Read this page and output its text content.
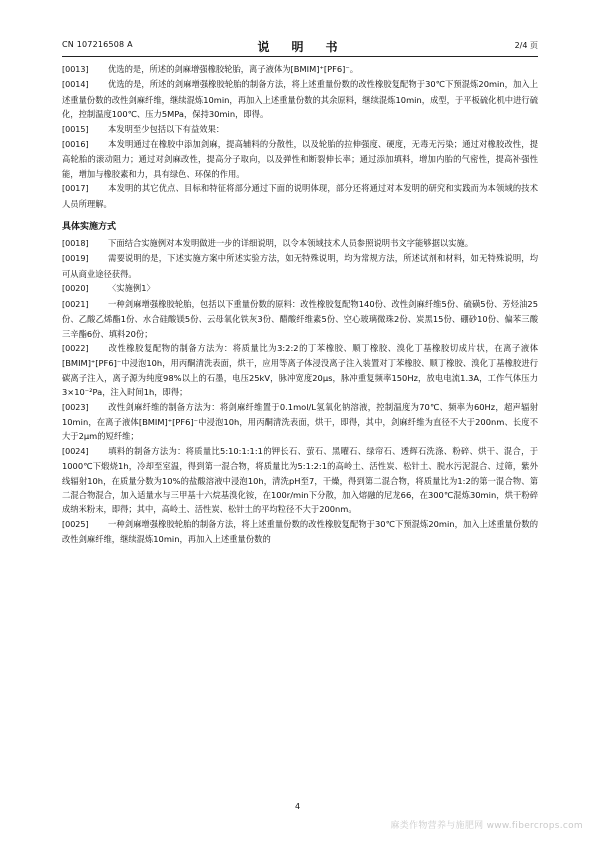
CN 107216508 A	说　明　书	2/4 页

[0013] 优选的是，所述的剑麻增强橡胶轮胎，离子液体为[BMIM]⁺[PF6]⁻。

[0014] 优选的是，所述的剑麻增强橡胶轮胎的制备方法，将上述重量份数的改性橡胶复配物于30℃下预混炼20min，加入上述重量份数的改性剑麻纤维，继续混炼10min，再加入上述重量份数的其余原料，继续混炼10min，成型，于平板硫化机中进行硫化，控制温度100℃、压力5MPa，保持30min，即得。

[0015] 本发明至少包括以下有益效果：

[0016] 本发明通过在橡胶中添加剑麻，提高辅料的分散性，以及轮胎的拉伸强度、硬度，无毒无污染；通过对橡胶改性，提高轮胎的滚动阻力；通过对剑麻改性，提高分子取向，以及弹性和断裂伸长率；通过添加填料，增加内胎的气密性，提高补强性能，增加与橡胶素和力，具有绿色、环保的作用。

[0017] 本发明的其它优点、目标和特征将部分通过下面的说明体现，部分还将通过对本发明的研究和实践而为本领域的技术人员所理解。

具体实施方式

[0018] 下面结合实施例对本发明做进一步的详细说明，以令本领域技术人员参照说明书文字能够据以实施。

[0019] 需要说明的是，下述实施方案中所述实验方法，如无特殊说明，均为常规方法，所述试剂和材料，如无特殊说明，均可从商业途径获得。

[0020] 〈实施例1〉

[0021] 一种剑麻增强橡胶轮胎，包括以下重量份数的原料：改性橡胶复配物140份、改性剑麻纤维5份、硫磺5份、芳烃油25份、乙酸乙烯酯1份、水合硅酸镁5份、云母氧化铁灰3份、醋酸纤维素5份、空心玻璃微珠2份、炭黑15份、硼砂10份、偏苯三酸三辛酯6份、填料20份；

[0022] 改性橡胶复配物的制备方法为：将质量比为3:2:2的丁苯橡胶、顺丁橡胶、溴化丁基橡胶切成片状，在离子液体[BMIM]⁺[PF6]⁻中浸泡10h，用丙酮清洗表面，烘干，应用等离子体浸没离子注入装置对丁苯橡胶、顺丁橡胶、溴化丁基橡胶进行碳离子注入，离子源为纯度98%以上的石墨，电压25kV，脉冲宽度20μs，脉冲重复频率150Hz，放电电流1.3A，工作气体压力3×10⁻²Pa，注入时间1h，即得；

[0023] 改性剑麻纤维的制备方法为：将剑麻纤维置于0.1mol/L氢氧化钠溶液，控制温度为70℃、频率为60Hz，超声辐射10min，在离子液体[BMIM]⁺[PF6]⁻中浸泡10h，用丙酮清洗表面，烘干，即得，其中，剑麻纤维为直径不大于200nm、长度不大于2μm的短纤维；

[0024] 填料的制备方法为：将质量比5:10:1:1:1的钾长石、萤石、黑曜石、绿帘石、透辉石洗涤、粉碎、烘干、混合，于1000℃下煅烧1h，冷却至室温，得到第一混合物，将质量比为5:1:2:1的高岭土、活性炭、松针土、脱水污泥混合、过筛，紫外线辐射10h，在质量分数为10%的盐酸溶液中浸泡10h，清洗pH至7，干燥，得到第二混合物，将质量比为1:2的第一混合物、第二混合物混合，加入适量水与三甲基十六烷基溴化铵，在100r/min下分散，加入熔融的尼龙66，在300℃混炼30min，烘干粉碎成纳米粉末，即得；其中，高岭土、活性炭、松针土的平均粒径不大于200nm。

[0025] 一种剑麻增强橡胶轮胎的制备方法，将上述重量份数的改性橡胶复配物于30℃下预混炼20min，加入上述重量份数的改性剑麻纤维，继续混炼10min，再加入上述重量份数的

4
麻类作物营养与施肥网 www.fibercrops.com
